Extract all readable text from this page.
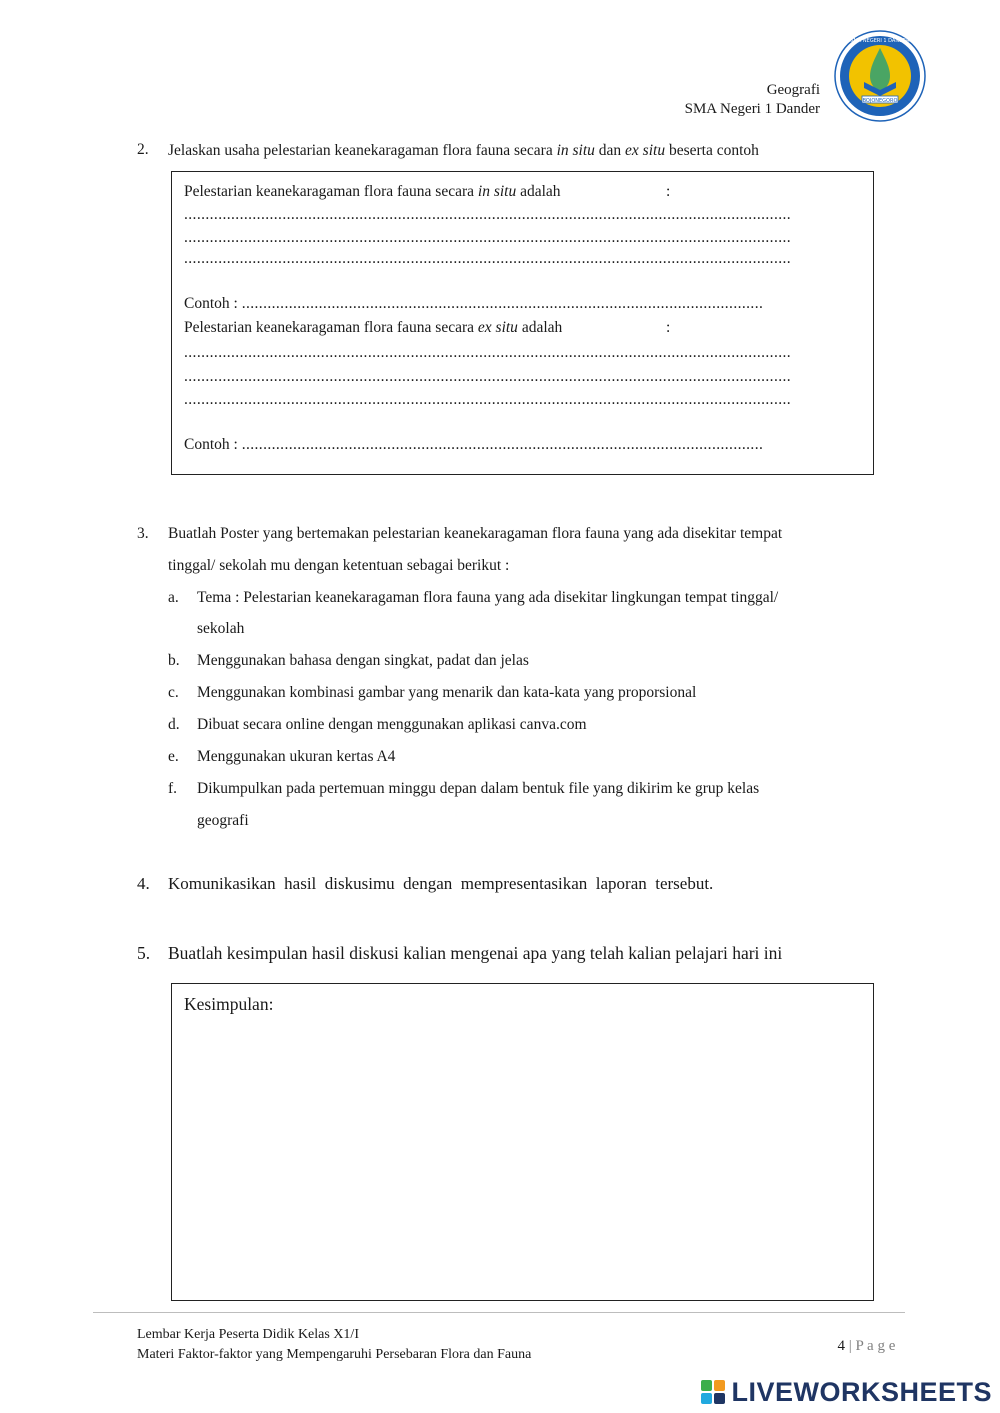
Geografi
SMA Negeri 1 Dander	BOJONEGORO
SMA NEGERI 1 DANDER
2. Jelaskan usaha pelestarian keanekaragaman flora fauna secara in situ dan ex situ beserta contoh
Pelestarian keanekaragaman flora fauna secara in situ adalah	:
..............................................................................................................................................
..............................................................................................................................................
..............................................................................................................................................
Contoh : ..........................................................................................................................
Pelestarian keanekaragaman flora fauna secara ex situ adalah	:
..............................................................................................................................................
..............................................................................................................................................
..............................................................................................................................................
Contoh : ..........................................................................................................................
3. Buatlah Poster yang bertemakan pelestarian keanekaragaman flora fauna yang ada disekitar tempat
tinggal/ sekolah mu dengan ketentuan sebagai berikut :
a. Tema : Pelestarian keanekaragaman flora fauna yang ada disekitar lingkungan tempat tinggal/
sekolah
b. Menggunakan bahasa dengan singkat, padat dan jelas
c. Menggunakan kombinasi gambar yang menarik dan kata-kata yang proporsional
d. Dibuat secara online dengan menggunakan aplikasi canva.com
e. Menggunakan ukuran kertas A4
f. Dikumpulkan pada pertemuan minggu depan dalam bentuk file yang dikirim ke grup kelas
geografi
4. Komunikasikan  hasil  diskusimu  dengan  mempresentasikan  laporan  tersebut.
5. Buatlah kesimpulan hasil diskusi kalian mengenai apa yang telah kalian pelajari hari ini
Kesimpulan:

4 | P a g e

Lembar Kerja Peserta Didik Kelas X1/I
Materi Faktor-faktor yang Mempengaruhi Persebaran Flora dan Fauna
LIVEWORKSHEETS
